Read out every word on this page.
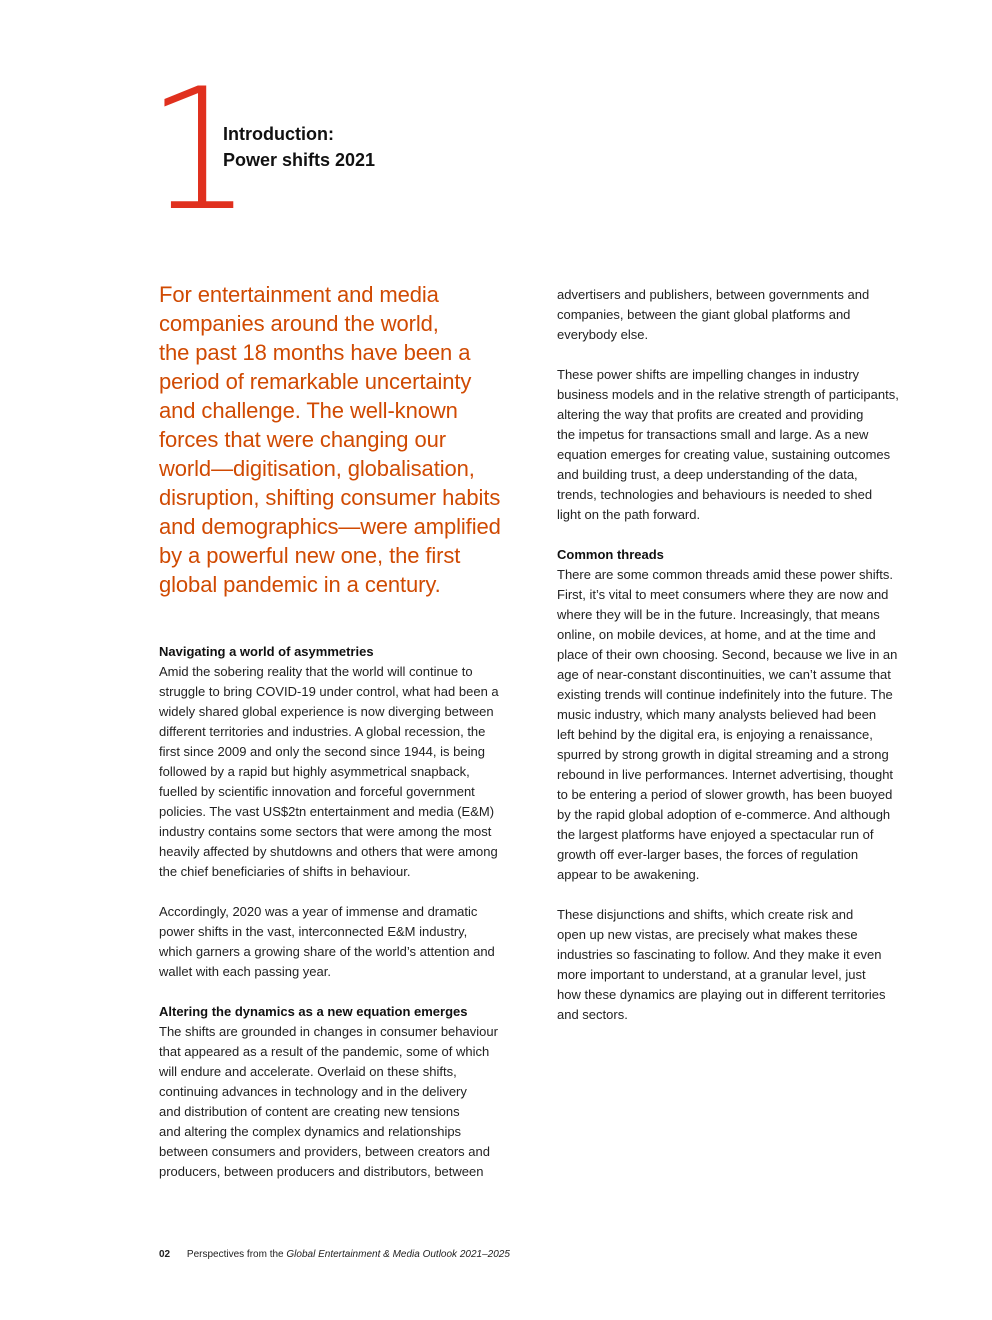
1
Introduction:
Power shifts 2021
For entertainment and media
companies around the world,
the past 18 months have been a
period of remarkable uncertainty
and challenge. The well-known
forces that were changing our
world—digitisation, globalisation,
disruption, shifting consumer habits
and demographics—were amplified
by a powerful new one, the first
global pandemic in a century.
Navigating a world of asymmetries
Amid the sobering reality that the world will continue to
struggle to bring COVID-19 under control, what had been a
widely shared global experience is now diverging between
different territories and industries. A global recession, the
first since 2009 and only the second since 1944, is being
followed by a rapid but highly asymmetrical snapback,
fuelled by scientific innovation and forceful government
policies. The vast US$2tn entertainment and media (E&M)
industry contains some sectors that were among the most
heavily affected by shutdowns and others that were among
the chief beneficiaries of shifts in behaviour.
Accordingly, 2020 was a year of immense and dramatic
power shifts in the vast, interconnected E&M industry,
which garners a growing share of the world’s attention and
wallet with each passing year.
Altering the dynamics as a new equation emerges
The shifts are grounded in changes in consumer behaviour
that appeared as a result of the pandemic, some of which
will endure and accelerate. Overlaid on these shifts,
continuing advances in technology and in the delivery
and distribution of content are creating new tensions
and altering the complex dynamics and relationships
between consumers and providers, between creators and
producers, between producers and distributors, between
advertisers and publishers, between governments and
companies, between the giant global platforms and
everybody else.
These power shifts are impelling changes in industry
business models and in the relative strength of participants,
altering the way that profits are created and providing
the impetus for transactions small and large. As a new
equation emerges for creating value, sustaining outcomes
and building trust, a deep understanding of the data,
trends, technologies and behaviours is needed to shed
light on the path forward.
Common threads
There are some common threads amid these power shifts.
First, it’s vital to meet consumers where they are now and
where they will be in the future. Increasingly, that means
online, on mobile devices, at home, and at the time and
place of their own choosing. Second, because we live in an
age of near-constant discontinuities, we can’t assume that
existing trends will continue indefinitely into the future. The
music industry, which many analysts believed had been
left behind by the digital era, is enjoying a renaissance,
spurred by strong growth in digital streaming and a strong
rebound in live performances. Internet advertising, thought
to be entering a period of slower growth, has been buoyed
by the rapid global adoption of e-commerce. And although
the largest platforms have enjoyed a spectacular run of
growth off ever-larger bases, the forces of regulation
appear to be awakening.
These disjunctions and shifts, which create risk and
open up new vistas, are precisely what makes these
industries so fascinating to follow. And they make it even
more important to understand, at a granular level, just
how these dynamics are playing out in different territories
and sectors.
02 Perspectives from the Global Entertainment & Media Outlook 2021–2025
